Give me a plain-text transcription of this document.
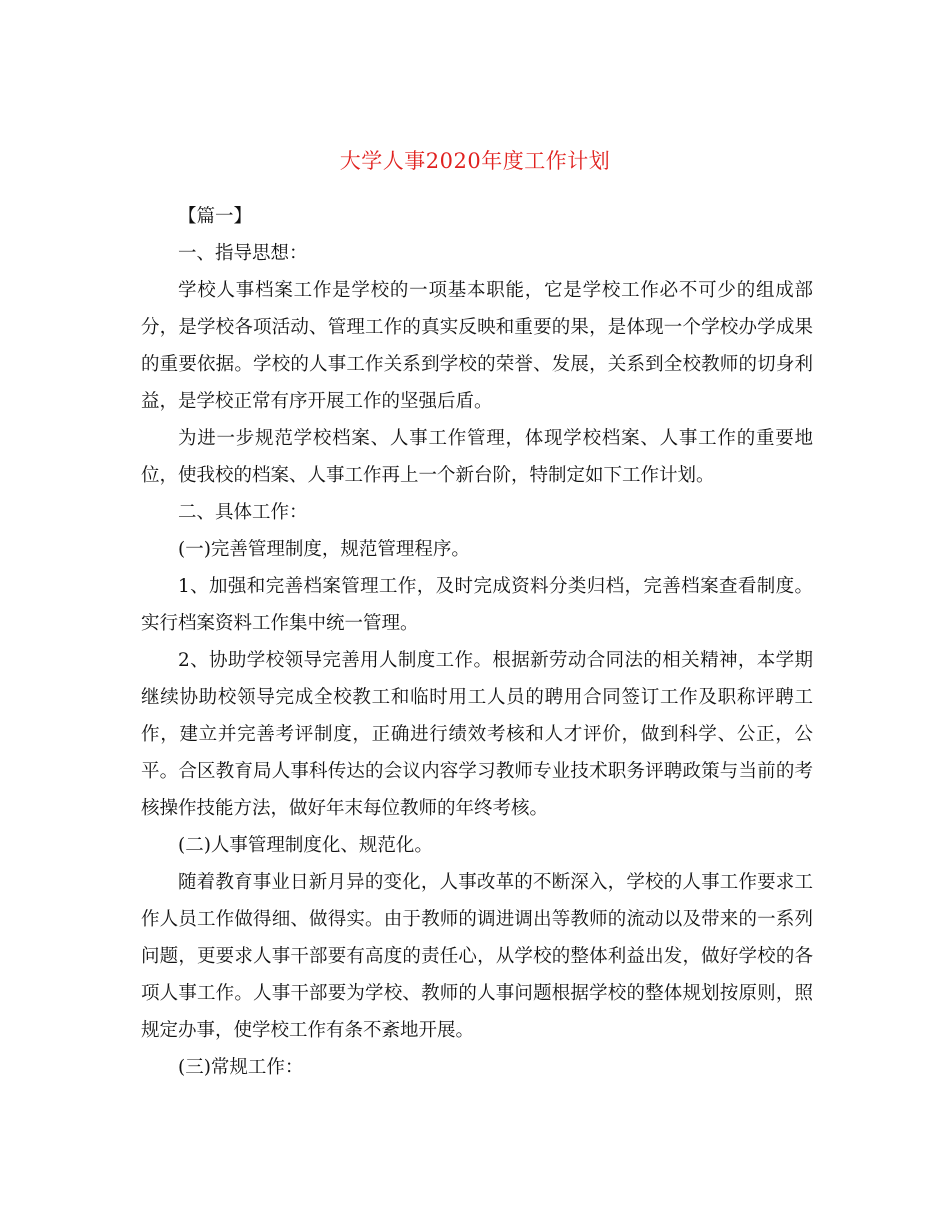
大学人事2020年度工作计划

【篇一】

一、指导思想：

学校人事档案工作是学校的一项基本职能，它是学校工作必不可少的组成部分，是学校各项活动、管理工作的真实反映和重要的果，是体现一个学校办学成果的重要依据。学校的人事工作关系到学校的荣誉、发展，关系到全校教师的切身利益，是学校正常有序开展工作的坚强后盾。

为进一步规范学校档案、人事工作管理，体现学校档案、人事工作的重要地位，使我校的档案、人事工作再上一个新台阶，特制定如下工作计划。

二、具体工作：

(一)完善管理制度，规范管理程序。

1、加强和完善档案管理工作，及时完成资料分类归档，完善档案查看制度。实行档案资料工作集中统一管理。

2、协助学校领导完善用人制度工作。根据新劳动合同法的相关精神，本学期继续协助校领导完成全校教工和临时用工人员的聘用合同签订工作及职称评聘工作，建立并完善考评制度，正确进行绩效考核和人才评价，做到科学、公正，公平。合区教育局人事科传达的会议内容学习教师专业技术职务评聘政策与当前的考核操作技能方法，做好年末每位教师的年终考核。

(二)人事管理制度化、规范化。

随着教育事业日新月异的变化，人事改革的不断深入，学校的人事工作要求工作人员工作做得细、做得实。由于教师的调进调出等教师的流动以及带来的一系列问题，更要求人事干部要有高度的责任心，从学校的整体利益出发，做好学校的各项人事工作。人事干部要为学校、教师的人事问题根据学校的整体规划按原则，照规定办事，使学校工作有条不紊地开展。

(三)常规工作：
